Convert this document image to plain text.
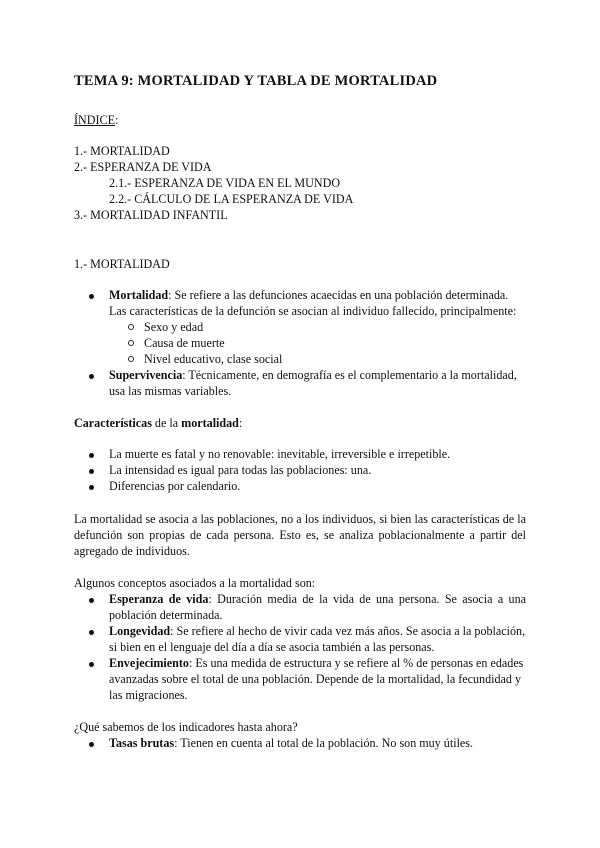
TEMA 9: MORTALIDAD Y TABLA DE MORTALIDAD
ÍNDICE:
1.- MORTALIDAD
2.- ESPERANZA DE VIDA
2.1.- ESPERANZA DE VIDA EN EL MUNDO
2.2.- CÁLCULO DE LA ESPERANZA DE VIDA
3.- MORTALIDAD INFANTIL
1.- MORTALIDAD
Mortalidad: Se refiere a las defunciones acaecidas en una población determinada.
Las características de la defunción se asocian al individuo fallecido, principalmente:
Sexo y edad
Causa de muerte
Nivel educativo, clase social
Supervivencia: Técnicamente, en demografía es el complementario a la mortalidad,
usa las mismas variables.
Características de la mortalidad:
La muerte es fatal y no renovable: inevitable, irreversible e irrepetible.
La intensidad es igual para todas las poblaciones: una.
Diferencias por calendario.
La mortalidad se asocia a las poblaciones, no a los individuos, si bien las características de la
defunción son propias de cada persona. Esto es, se analiza poblacionalmente a partir del
agregado de individuos.
Algunos conceptos asociados a la mortalidad son:
Esperanza de vida: Duración media de la vida de una persona. Se asocia a una
población determinada.
Longevidad: Se refiere al hecho de vivir cada vez más años. Se asocia a la población,
si bien en el lenguaje del día a día se asocia también a las personas.
Envejecimiento: Es una medida de estructura y se refiere al % de personas en edades
avanzadas sobre el total de una población. Depende de la mortalidad, la fecundidad y
las migraciones.
¿Qué sabemos de los indicadores hasta ahora?
Tasas brutas: Tienen en cuenta al total de la población. No son muy útiles.
